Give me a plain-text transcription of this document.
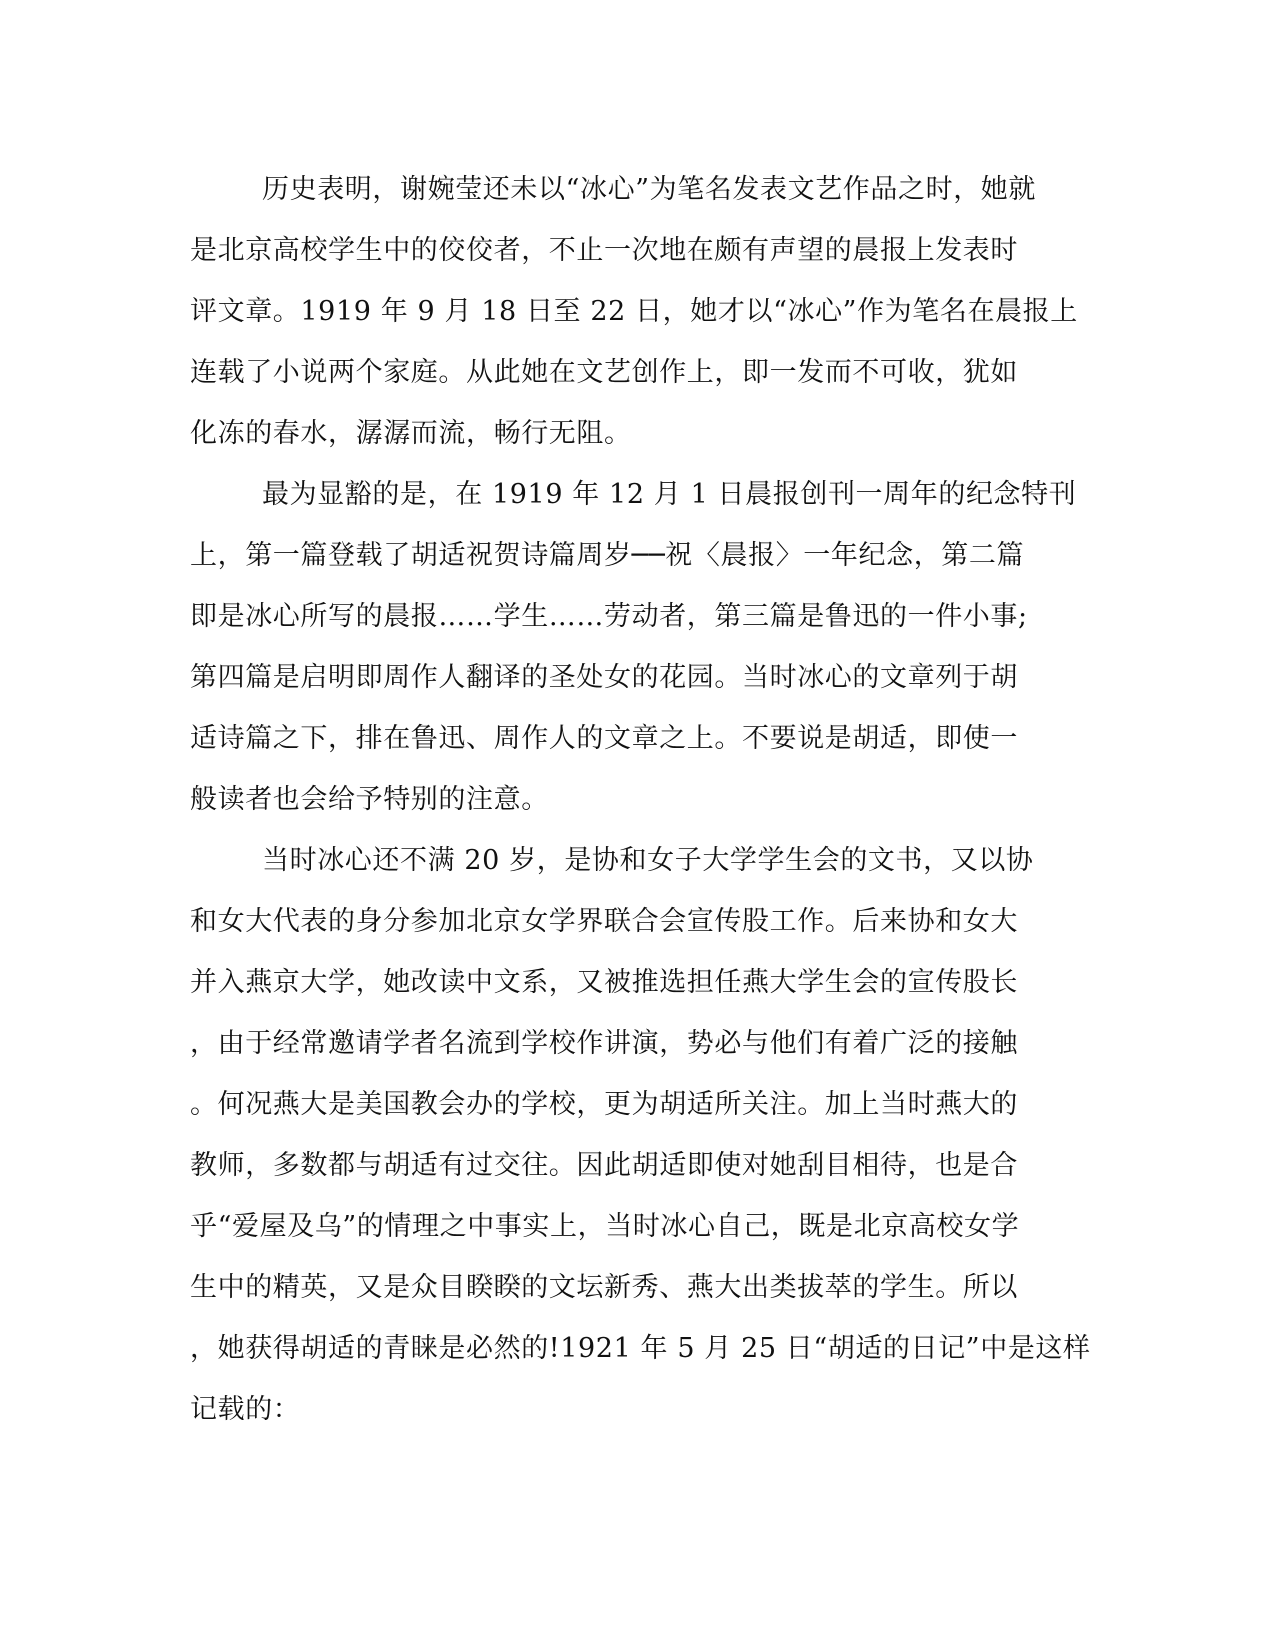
历史表明，谢婉莹还未以“冰心”为笔名发表文艺作品之时，她就

是北京高校学生中的佼佼者，不止一次地在颇有声望的晨报上发表时

评文章。1919 年 9 月 18 日至 22 日，她才以“冰心”作为笔名在晨报上

连载了小说两个家庭。从此她在文艺创作上，即一发而不可收，犹如

化冻的春水，潺潺而流，畅行无阻。

最为显豁的是，在 1919 年 12 月 1 日晨报创刊一周年的纪念特刊

上，第一篇登载了胡适祝贺诗篇周岁──祝〈晨报〉一年纪念，第二篇

即是冰心所写的晨报……学生……劳动者，第三篇是鲁迅的一件小事;

第四篇是启明即周作人翻译的圣处女的花园。当时冰心的文章列于胡

适诗篇之下，排在鲁迅、周作人的文章之上。不要说是胡适，即使一

般读者也会给予特别的注意。

当时冰心还不满 20 岁，是协和女子大学学生会的文书，又以协

和女大代表的身分参加北京女学界联合会宣传股工作。后来协和女大

并入燕京大学，她改读中文系，又被推选担任燕大学生会的宣传股长

，由于经常邀请学者名流到学校作讲演，势必与他们有着广泛的接触

。何况燕大是美国教会办的学校，更为胡适所关注。加上当时燕大的

教师，多数都与胡适有过交往。因此胡适即使对她刮目相待，也是合

乎“爱屋及乌”的情理之中事实上，当时冰心自己，既是北京高校女学

生中的精英，又是众目睽睽的文坛新秀、燕大出类拔萃的学生。所以

，她获得胡适的青睐是必然的!1921 年 5 月 25 日“胡适的日记”中是这样

记载的：
